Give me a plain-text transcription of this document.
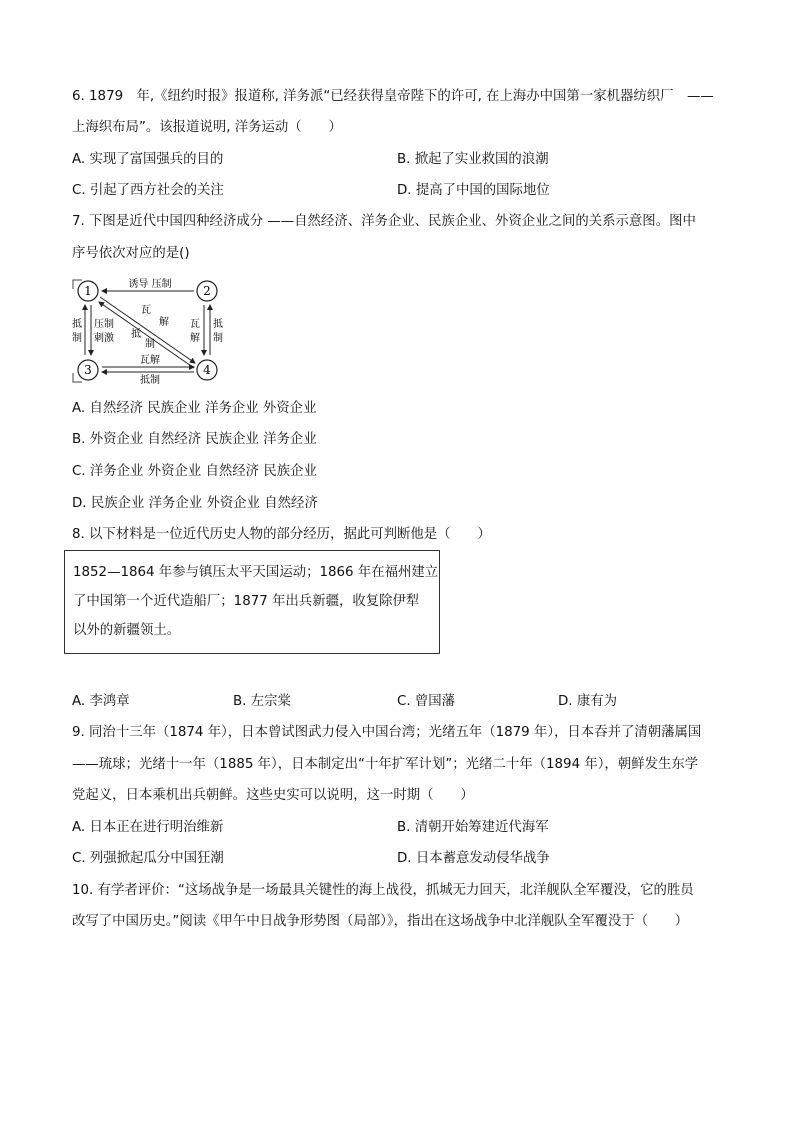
6. 1879　年,《纽约时报》报道称, 洋务派“已经获得皇帝陛下的许可, 在上海办中国第一家机器纺织厂　——
上海织布局”。该报道说明, 洋务运动（　　）
A. 实现了富国强兵的目的	B. 掀起了实业救国的浪潮
C. 引起了西方社会的关注	D. 提高了中国的国际地位
7. 下图是近代中国四种经济成分 ——自然经济、洋务企业、民族企业、外资企业之间的关系示意图。图中
序号依次对应的是()
1	2
3	4
诱导 压制
抵
制
压制
刺激
瓦
解
抵
制
瓦
解
抵
制
瓦解
抵制
A. 自然经济 民族企业 洋务企业 外资企业
B. 外资企业 自然经济 民族企业 洋务企业
C. 洋务企业 外资企业 自然经济 民族企业
D. 民族企业 洋务企业 外资企业 自然经济
8. 以下材料是一位近代历史人物的部分经历，据此可判断他是（　　）
1852—1864 年参与镇压太平天国运动；1866 年在福州建立
了中国第一个近代造船厂；1877 年出兵新疆，收复除伊犁
以外的新疆领土。
A. 李鸿章	B. 左宗棠	C. 曾国藩	D. 康有为
9. 同治十三年（1874 年），日本曾试图武力侵入中国台湾；光绪五年（1879 年），日本吞并了清朝藩属国
——琉球；光绪十一年（1885 年），日本制定出“十年扩军计划”；光绪二十年（1894 年），朝鲜发生东学
党起义，日本乘机出兵朝鲜。这些史实可以说明，这一时期（　　）
A. 日本正在进行明治维新	B. 清朝开始筹建近代海军
C. 列强掀起瓜分中国狂潮	D. 日本蓄意发动侵华战争
10. 有学者评价：“这场战争是一场最具关键性的海上战役，抓城无力回天，北洋舰队全军覆没，它的胜员
改写了中国历史。”阅读《甲午中日战争形势图（局部）》，指出在这场战争中北洋舰队全军覆没于（　　）
